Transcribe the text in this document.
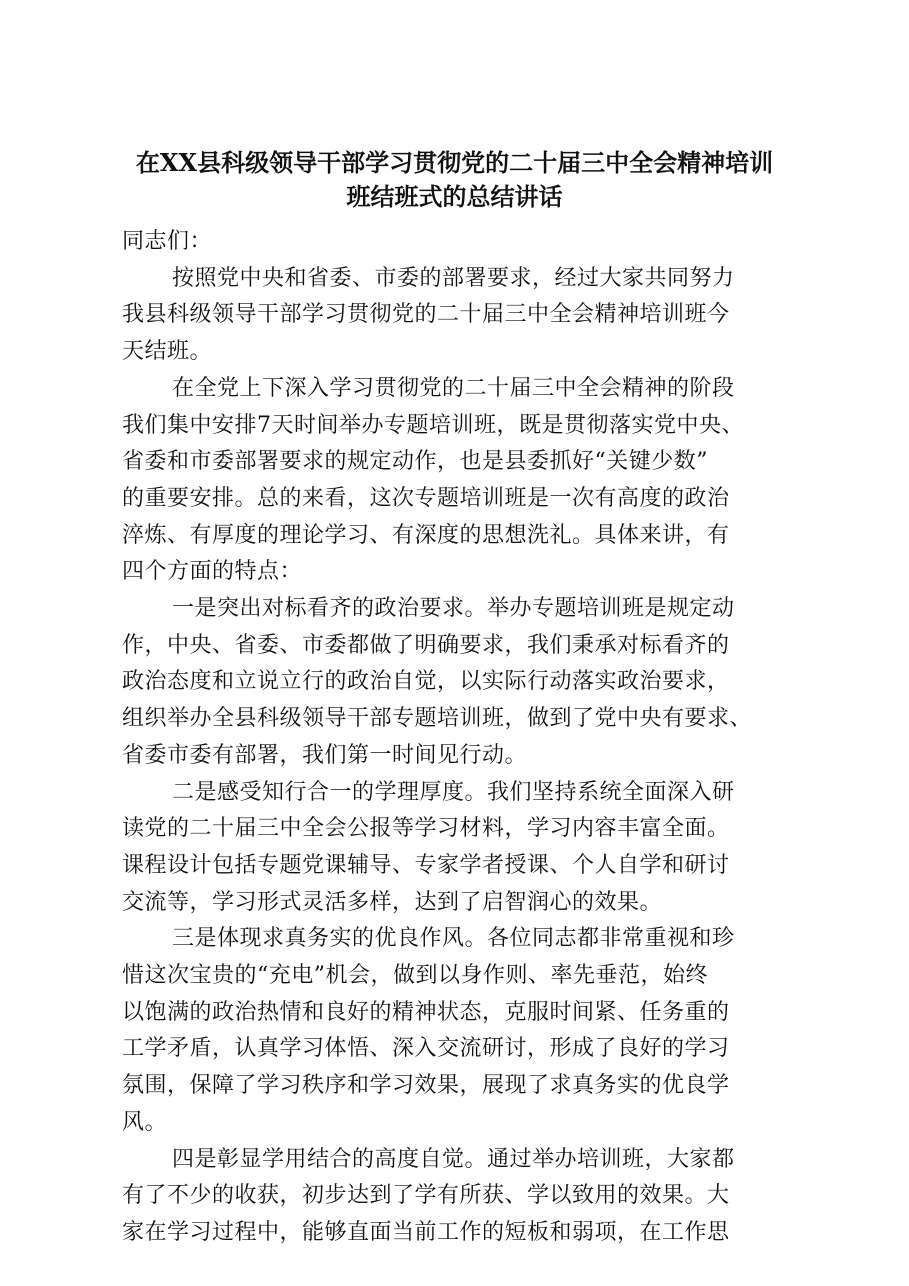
在XX县科级领导干部学习贯彻党的二十届三中全会精神培训
班结班式的总结讲话
同志们：
按照党中央和省委、市委的部署要求，经过大家共同努力
我县科级领导干部学习贯彻党的二十届三中全会精神培训班今
天结班。
在全党上下深入学习贯彻党的二十届三中全会精神的阶段
我们集中安排7天时间举办专题培训班，既是贯彻落实党中央、
省委和市委部署要求的规定动作，也是县委抓好“关键少数”
的重要安排。总的来看，这次专题培训班是一次有高度的政治
淬炼、有厚度的理论学习、有深度的思想洗礼。具体来讲，有
四个方面的特点：
一是突出对标看齐的政治要求。举办专题培训班是规定动
作，中央、省委、市委都做了明确要求，我们秉承对标看齐的
政治态度和立说立行的政治自觉，以实际行动落实政治要求，
组织举办全县科级领导干部专题培训班，做到了党中央有要求、
省委市委有部署，我们第一时间见行动。
二是感受知行合一的学理厚度。我们坚持系统全面深入研
读党的二十届三中全会公报等学习材料，学习内容丰富全面。
课程设计包括专题党课辅导、专家学者授课、个人自学和研讨
交流等，学习形式灵活多样，达到了启智润心的效果。
三是体现求真务实的优良作风。各位同志都非常重视和珍
惜这次宝贵的“充电”机会，做到以身作则、率先垂范，始终
以饱满的政治热情和良好的精神状态，克服时间紧、任务重的
工学矛盾，认真学习体悟、深入交流研讨，形成了良好的学习
氛围，保障了学习秩序和学习效果，展现了求真务实的优良学
风。
四是彰显学用结合的高度自觉。通过举办培训班，大家都
有了不少的收获，初步达到了学有所获、学以致用的效果。大
家在学习过程中，能够直面当前工作的短板和弱项，在工作思
